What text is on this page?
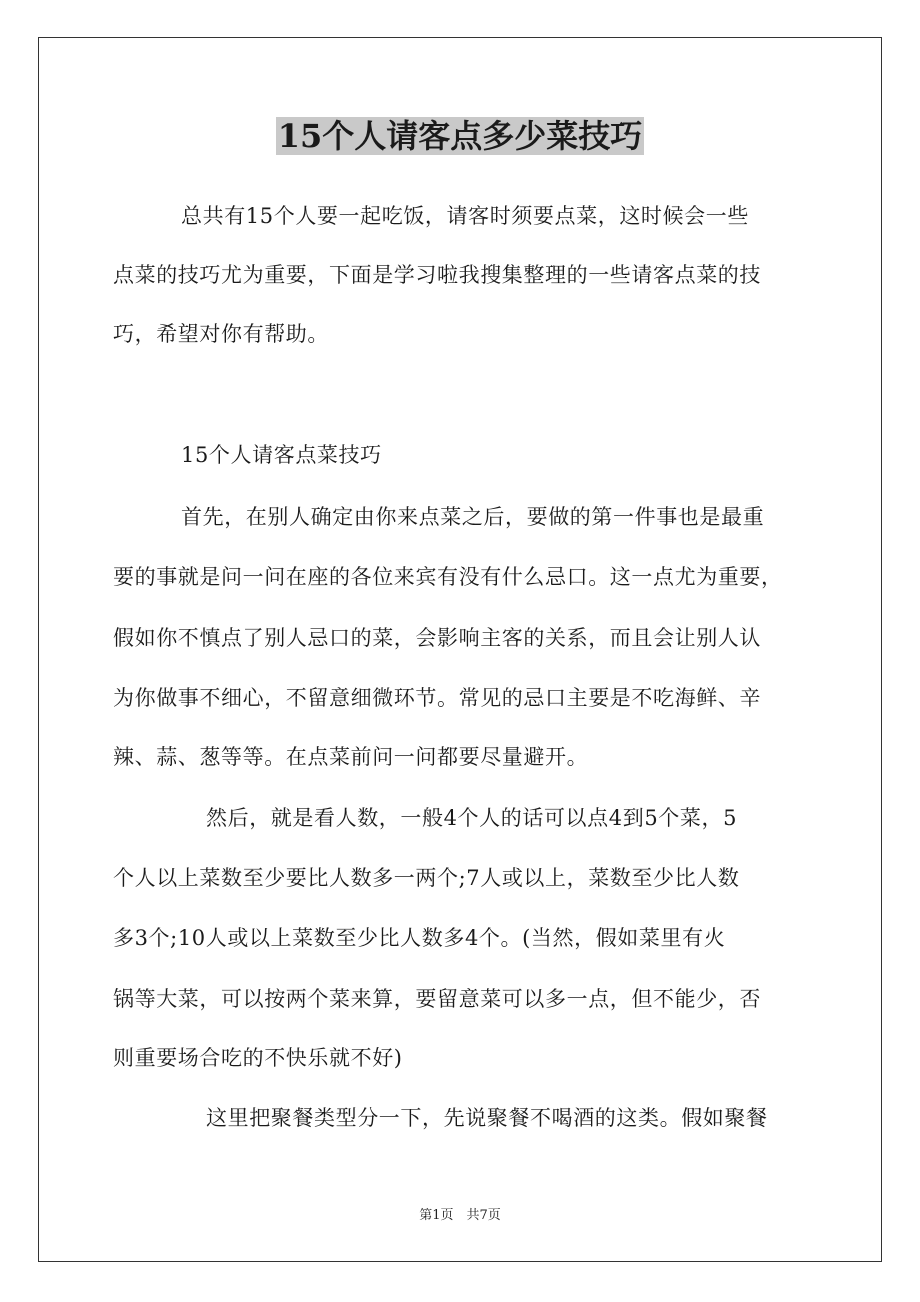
15个人请客点多少菜技巧
总共有15个人要一起吃饭，请客时须要点菜，这时候会一些
点菜的技巧尤为重要，下面是学习啦我搜集整理的一些请客点菜的技
巧，希望对你有帮助。
15个人请客点菜技巧
首先，在别人确定由你来点菜之后，要做的第一件事也是最重
要的事就是问一问在座的各位来宾有没有什么忌口。这一点尤为重要，
假如你不慎点了别人忌口的菜，会影响主客的关系，而且会让别人认
为你做事不细心，不留意细微环节。常见的忌口主要是不吃海鲜、辛
辣、蒜、葱等等。在点菜前问一问都要尽量避开。
然后，就是看人数，一般4个人的话可以点4到5个菜，5
个人以上菜数至少要比人数多一两个;7人或以上，菜数至少比人数
多3个;10人或以上菜数至少比人数多4个。(当然，假如菜里有火
锅等大菜，可以按两个菜来算，要留意菜可以多一点，但不能少，否
则重要场合吃的不快乐就不好)
这里把聚餐类型分一下，先说聚餐不喝酒的这类。假如聚餐
第1页　共7页
